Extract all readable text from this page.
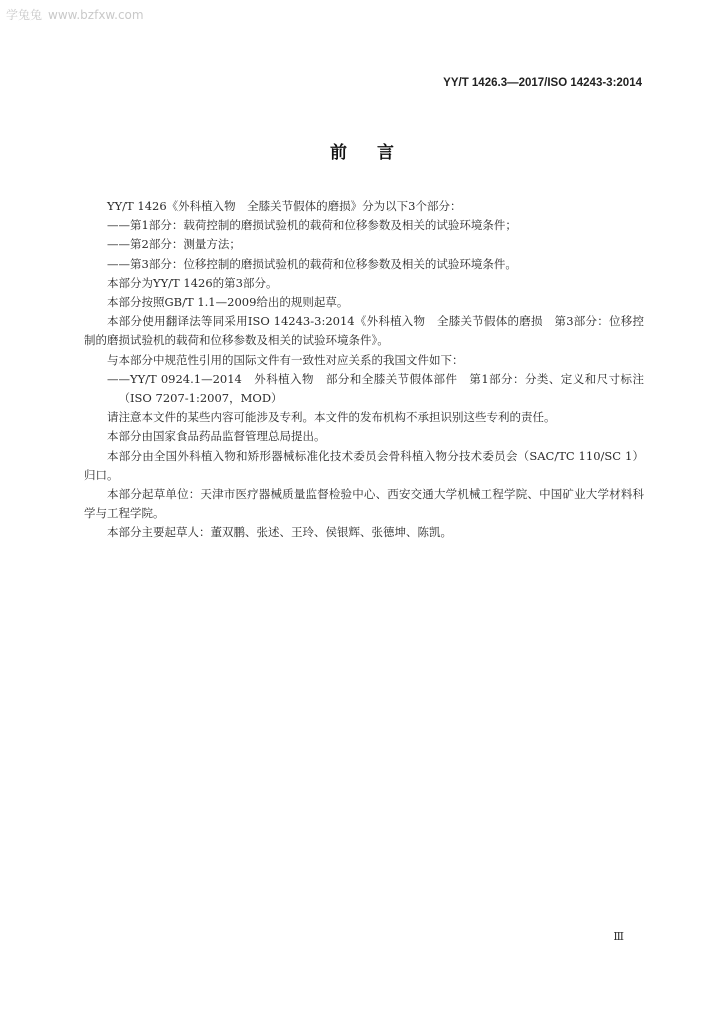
学兔兔 www.bzfxw.com
YY/T 1426.3—2017/ISO 14243-3:2014
前言

YY/T 1426《外科植入物　全膝关节假体的磨损》分为以下3个部分：

——第1部分：载荷控制的磨损试验机的载荷和位移参数及相关的试验环境条件；

——第2部分：测量方法；

——第3部分：位移控制的磨损试验机的载荷和位移参数及相关的试验环境条件。

本部分为YY/T 1426的第3部分。

本部分按照GB/T 1.1—2009给出的规则起草。

本部分使用翻译法等同采用ISO 14243-3:2014《外科植入物　全膝关节假体的磨损　第3部分：位移控制的磨损试验机的载荷和位移参数及相关的试验环境条件》。

与本部分中规范性引用的国际文件有一致性对应关系的我国文件如下：

——YY/T 0924.1—2014　外科植入物　部分和全膝关节假体部件　第1部分：分类、定义和尺寸标注（ISO 7207-1:2007，MOD）

请注意本文件的某些内容可能涉及专利。本文件的发布机构不承担识别这些专利的责任。

本部分由国家食品药品监督管理总局提出。

本部分由全国外科植入物和矫形器械标准化技术委员会骨科植入物分技术委员会（SAC/TC 110/SC 1）归口。

本部分起草单位：天津市医疗器械质量监督检验中心、西安交通大学机械工程学院、中国矿业大学材料科学与工程学院。

本部分主要起草人：董双鹏、张述、王玲、侯银辉、张德坤、陈凯。

Ⅲ
